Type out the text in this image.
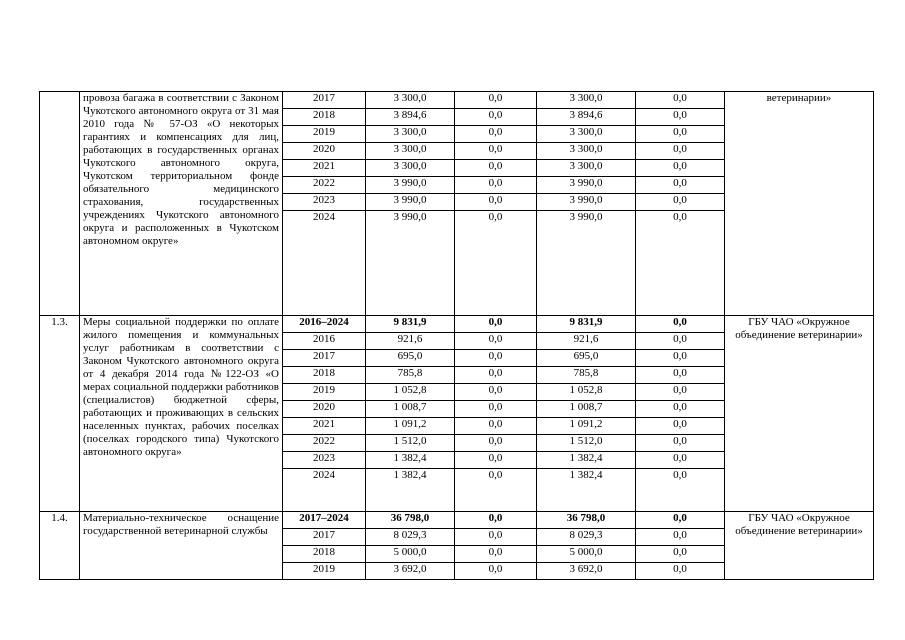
	провоза багажа в соответствии с Законом Чукотского автономного округа от 31 мая 2010 года № 57-ОЗ «О некоторых гарантиях и компенсациях для лиц, работающих в государственных органах Чукотского автономного округа, Чукотском территориальном фонде обязательного медицинского страхования, государственных учреждениях Чукотского автономного округа и расположенных в Чукотском автономном округе»	2017	3 300,0	0,0	3 300,0	0,0	ветеринарии»
		2018	3 894,6	0,0	3 894,6	0,0	
		2019	3 300,0	0,0	3 300,0	0,0	
		2020	3 300,0	0,0	3 300,0	0,0	
		2021	3 300,0	0,0	3 300,0	0,0	
		2022	3 990,0	0,0	3 990,0	0,0	
		2023	3 990,0	0,0	3 990,0	0,0	
		2024	3 990,0	0,0	3 990,0	0,0	
1.3.	Меры социальной поддержки по оплате жилого помещения и коммунальных услуг работникам в соответствии с Законом Чукотского автономного округа от 4 декабря 2014 года №122-ОЗ «О мерах социальной поддержки работников (специалистов) бюджетной сферы, работающих и проживающих в сельских населенных пунктах, рабочих поселках (поселках городского типа) Чукотского автономного округа»	2016–2024	9 831,9	0,0	9 831,9	0,0	ГБУ ЧАО «Окружное объединение ветеринарии»
		2016	921,6	0,0	921,6	0,0	
		2017	695,0	0,0	695,0	0,0	
		2018	785,8	0,0	785,8	0,0	
		2019	1 052,8	0,0	1 052,8	0,0	
		2020	1 008,7	0,0	1 008,7	0,0	
		2021	1 091,2	0,0	1 091,2	0,0	
		2022	1 512,0	0,0	1 512,0	0,0	
		2023	1 382,4	0,0	1 382,4	0,0	
		2024	1 382,4	0,0	1 382,4	0,0	
1.4.	Материально-техническое оснащение государственной ветеринарной службы	2017–2024	36 798,0	0,0	36 798,0	0,0	ГБУ ЧАО «Окружное объединение ветеринарии»
		2017	8 029,3	0,0	8 029,3	0,0	
		2018	5 000,0	0,0	5 000,0	0,0	
		2019	3 692,0	0,0	3 692,0	0,0	
